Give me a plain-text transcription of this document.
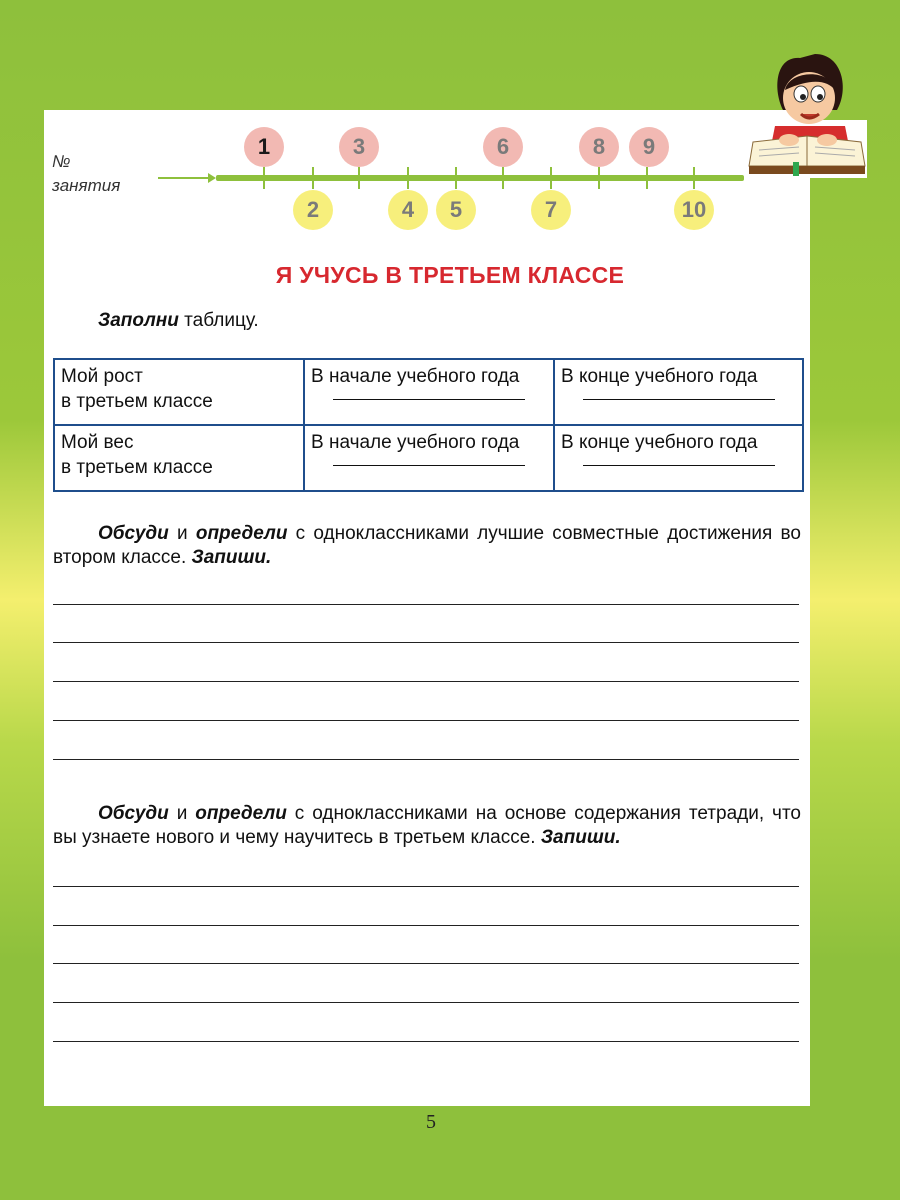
№
занятия
1	3	6	8	9
2	4	5	7	10
Я УЧУСЬ В ТРЕТЬЕМ КЛАССЕ
Заполни таблицу.
Мой рост
в третьем классе	В начале учебного года	В конце учебного года

Мой вес
в третьем классе	В начале учебного года	В конце учебного года
Обсуди и определи с одноклассниками лучшие совместные достижения во втором классе. Запиши.
Обсуди и определи с одноклассниками на основе содержания тетради, что вы узнаете нового и чему научитесь в третьем классе. Запиши.
5
